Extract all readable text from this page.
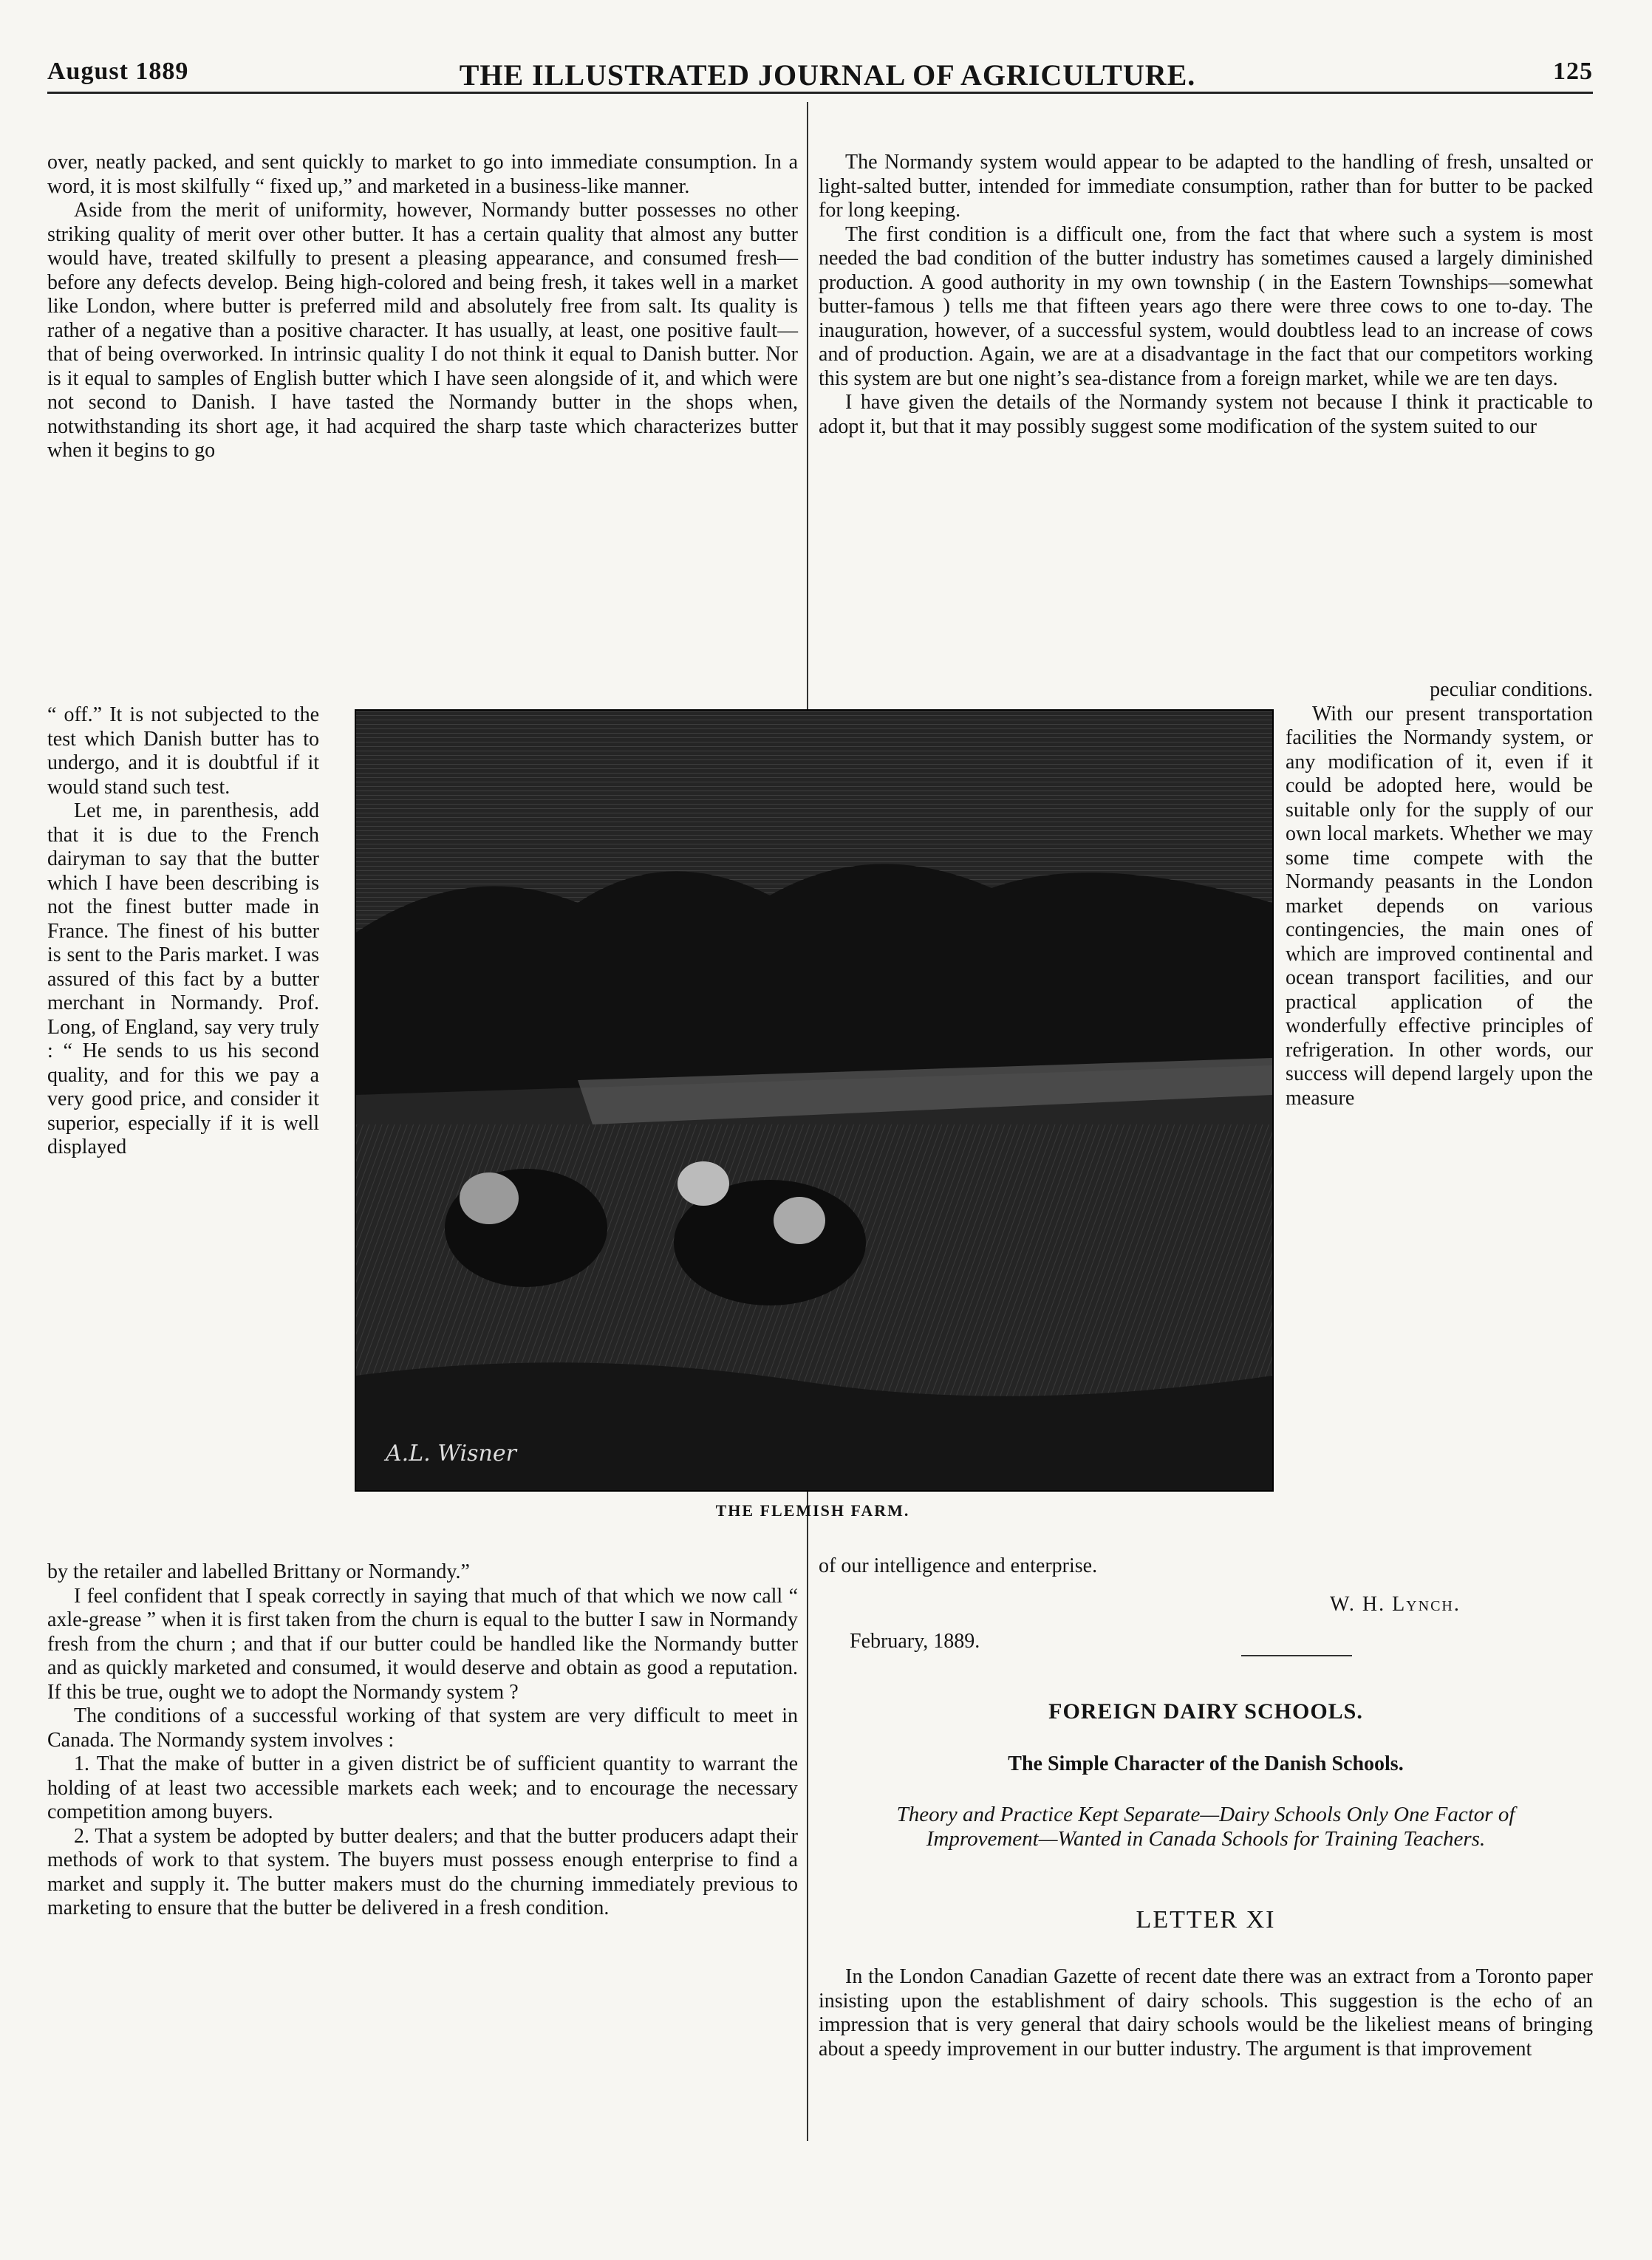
August 1889	THE ILLUSTRATED JOURNAL OF AGRICULTURE.	125

over, neatly packed, and sent quickly to market to go into immediate consumption. In a word, it is most skilfully “ fixed up,” and marketed in a business-like manner.

Aside from the merit of uniformity, however, Normandy butter possesses no other striking quality of merit over other butter. It has a certain quality that almost any butter would have, treated skilfully to present a pleasing appearance, and consumed fresh—before any defects develop. Being high-colored and being fresh, it takes well in a market like London, where butter is preferred mild and absolutely free from salt. Its quality is rather of a negative than a positive character. It has usually, at least, one positive fault—that of being overworked. In intrinsic quality I do not think it equal to Danish butter. Nor is it equal to samples of English butter which I have seen alongside of it, and which were not second to Danish. I have tasted the Normandy butter in the shops when, notwithstanding its short age, it had acquired the sharp taste which characterizes butter when it begins to go

“ off.” It is not subjected to the test which Danish butter has to undergo, and it is doubtful if it would stand such test.

Let me, in parenthesis, add that it is due to the French dairyman to say that the butter which I have been describing is not the finest butter made in France. The finest of his butter is sent to the Paris market. I was assured of this fact by a butter merchant in Normandy. Prof. Long, of England, say very truly : “ He sends to us his second quality, and for this we pay a very good price, and consider it superior, especially if it is well displayed

by the retailer and labelled Brittany or Normandy.”

I feel confident that I speak correctly in saying that much of that which we now call “ axle-grease ” when it is first taken from the churn is equal to the butter I saw in Normandy fresh from the churn ; and that if our butter could be handled like the Normandy butter and as quickly marketed and consumed, it would deserve and obtain as good a reputation. If this be true, ought we to adopt the Normandy system ?

The conditions of a successful working of that system are very difficult to meet in Canada. The Normandy system involves :

1. That the make of butter in a given district be of sufficient quantity to warrant the holding of at least two accessible markets each week; and to encourage the necessary competition among buyers.

2. That a system be adopted by butter dealers; and that the butter producers adapt their methods of work to that system. The buyers must possess enough enterprise to find a market and supply it. The butter makers must do the churning immediately previous to marketing to ensure that the butter be delivered in a fresh condition.

The Normandy system would appear to be adapted to the handling of fresh, unsalted or light-salted butter, intended for immediate consumption, rather than for butter to be packed for long keeping.

The first condition is a difficult one, from the fact that where such a system is most needed the bad condition of the butter industry has sometimes caused a largely diminished production. A good authority in my own township ( in the Eastern Townships—somewhat butter-famous ) tells me that fifteen years ago there were three cows to one to-day. The inauguration, however, of a successful system, would doubtless lead to an increase of cows and of production. Again, we are at a disadvantage in the fact that our competitors working this system are but one night’s sea-distance from a foreign market, while we are ten days.

I have given the details of the Normandy system not because I think it practicable to adopt it, but that it may possibly suggest some modification of the system suited to our

peculiar conditions.

With our present transportation facilities the Normandy system, or any modification of it, even if it could be adopted here, would be suitable only for the supply of our own local markets. Whether we may some time compete with the Normandy peasants in the London market depends on various contingencies, the main ones of which are improved continental and ocean transport facilities, and our practical application of the wonderfully effective principles of refrigeration. In other words, our success will depend largely upon the measure

of our intelligence and enterprise.

W. H. Lynch.
February, 1889.
A.L. Wisner
THE FLEMISH FARM.
FOREIGN DAIRY SCHOOLS.
The Simple Character of the Danish Schools.
Theory and Practice Kept Separate—Dairy Schools Only One Factor of Improvement—Wanted in Canada Schools for Training Teachers.
LETTER XI

In the London Canadian Gazette of recent date there was an extract from a Toronto paper insisting upon the establishment of dairy schools. This suggestion is the echo of an impression that is very general that dairy schools would be the likeliest means of bringing about a speedy improvement in our butter industry. The argument is that improvement
